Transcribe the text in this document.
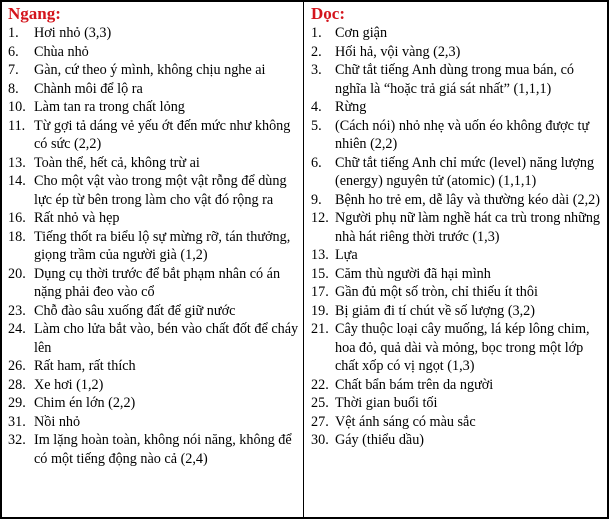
Ngang:
1.	Hơi nhỏ (3,3)
6.	Chùa nhỏ
7.	Gàn, cứ theo ý mình, không chịu nghe ai
8.	Chành môi để lộ ra
10. Làm tan ra trong chất lỏng
11. Từ gợi tả dáng vẻ yếu ớt đến mức như không có sức (2,2)
13. Toàn thể, hết cả, không trừ ai
14. Cho một vật vào trong một vật rỗng để dùng lực ép từ bên trong làm cho vật đó rộng ra
16. Rất nhỏ và hẹp
18. Tiếng thốt ra biểu lộ sự mừng rỡ, tán thưởng, giọng trầm của người già (1,2)
20. Dụng cụ thời trước để bắt phạm nhân có án nặng phải đeo vào cổ
23. Chỗ đào sâu xuống đất để giữ nước
24. Làm cho lửa bắt vào, bén vào chất đốt để cháy lên
26. Rất ham, rất thích
28. Xe hơi (1,2)
29. Chim én lớn (2,2)
31. Nồi nhỏ
32. Im lặng hoàn toàn, không nói năng, không để có một tiếng động nào cả (2,4)
Dọc:
1. Cơn giận
2. Hối hả, vội vàng (2,3)
3. Chữ tắt tiếng Anh dùng trong mua bán, có nghĩa là “hoặc trả giá sát nhất” (1,1,1)
4. Rừng
5. (Cách nói) nhỏ nhẹ và uốn éo không được tự nhiên (2,2)
6. Chữ tắt tiếng Anh chỉ mức (level) năng lượng (energy) nguyên tử (atomic) (1,1,1)
9. Bệnh ho trẻ em, dễ lây và thường kéo dài (2,2)
12. Người phụ nữ làm nghề hát ca trù trong những nhà hát riêng thời trước (1,3)
13. Lựa
15. Căm thù người đã hại mình
17. Gần đủ một số tròn, chỉ thiếu ít thôi
19. Bị giảm đi tí chút về số lượng (3,2)
21. Cây thuộc loại cây muống, lá kép lông chim, hoa đỏ, quả dài và mỏng, bọc trong một lớp chất xốp có vị ngọt (1,3)
22. Chất bẩn bám trên da người
25. Thời gian buổi tối
27. Vệt ánh sáng có màu sắc
30. Gáy (thiểu dầu)
